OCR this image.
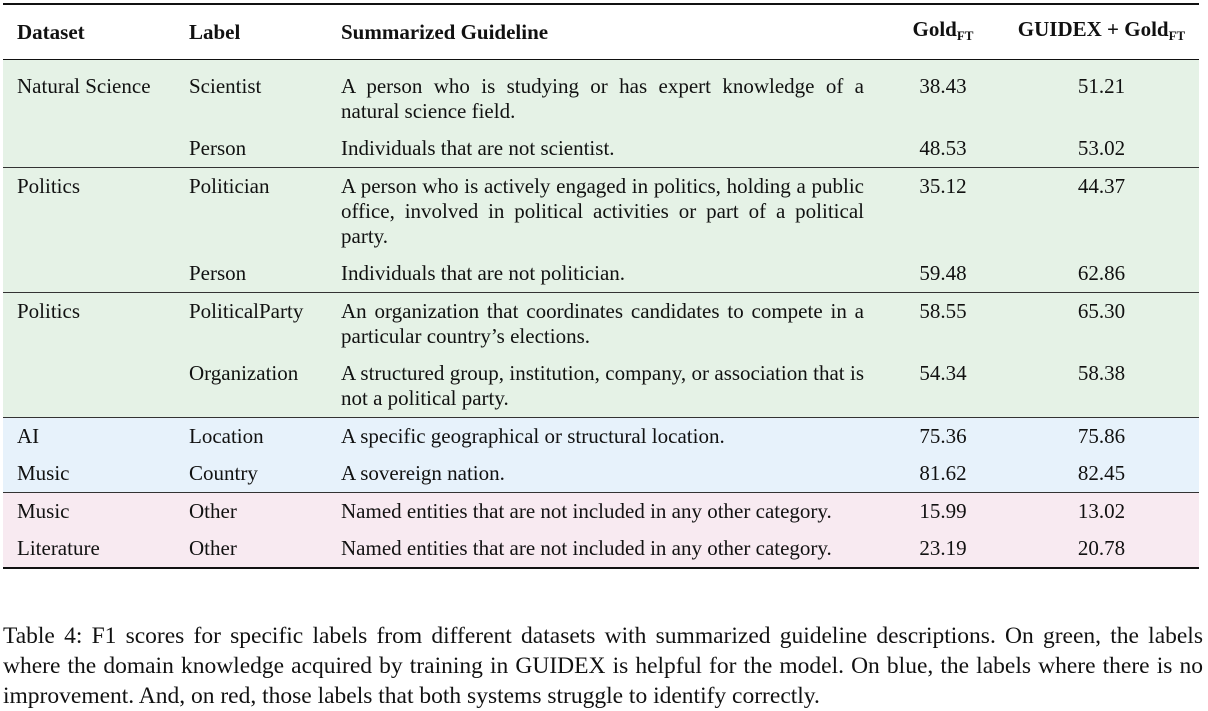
Dataset	Label	Summarized Guideline	Gold$_{FT}$	GUIDEX + Gold$_{FT}$
Natural Science	Scientist	A person who is studying or has expert knowledge of a natural science field.	38.43	51.21
	Person	Individuals that are not scientist.	48.53	53.02
Politics	Politician	A person who is actively engaged in politics, holding a public office, involved in political activities or part of a political party.	35.12	44.37
	Person	Individuals that are not politician.	59.48	62.86
Politics	PoliticalParty	An organization that coordinates candidates to compete in a particular country’s elections.	58.55	65.30
	Organization	A structured group, institution, company, or association that is not a political party.	54.34	58.38
AI	Location	A specific geographical or structural location.	75.36	75.86
Music	Country	A sovereign nation.	81.62	82.45
Music	Other	Named entities that are not included in any other category.	15.99	13.02
Literature	Other	Named entities that are not included in any other category.	23.19	20.78

Table 4: F1 scores for specific labels from different datasets with summarized guideline descriptions. On green, the labels where the domain knowledge acquired by training in GUIDEX is helpful for the model. On blue, the labels where there is no improvement. And, on red, those labels that both systems struggle to identify correctly.
